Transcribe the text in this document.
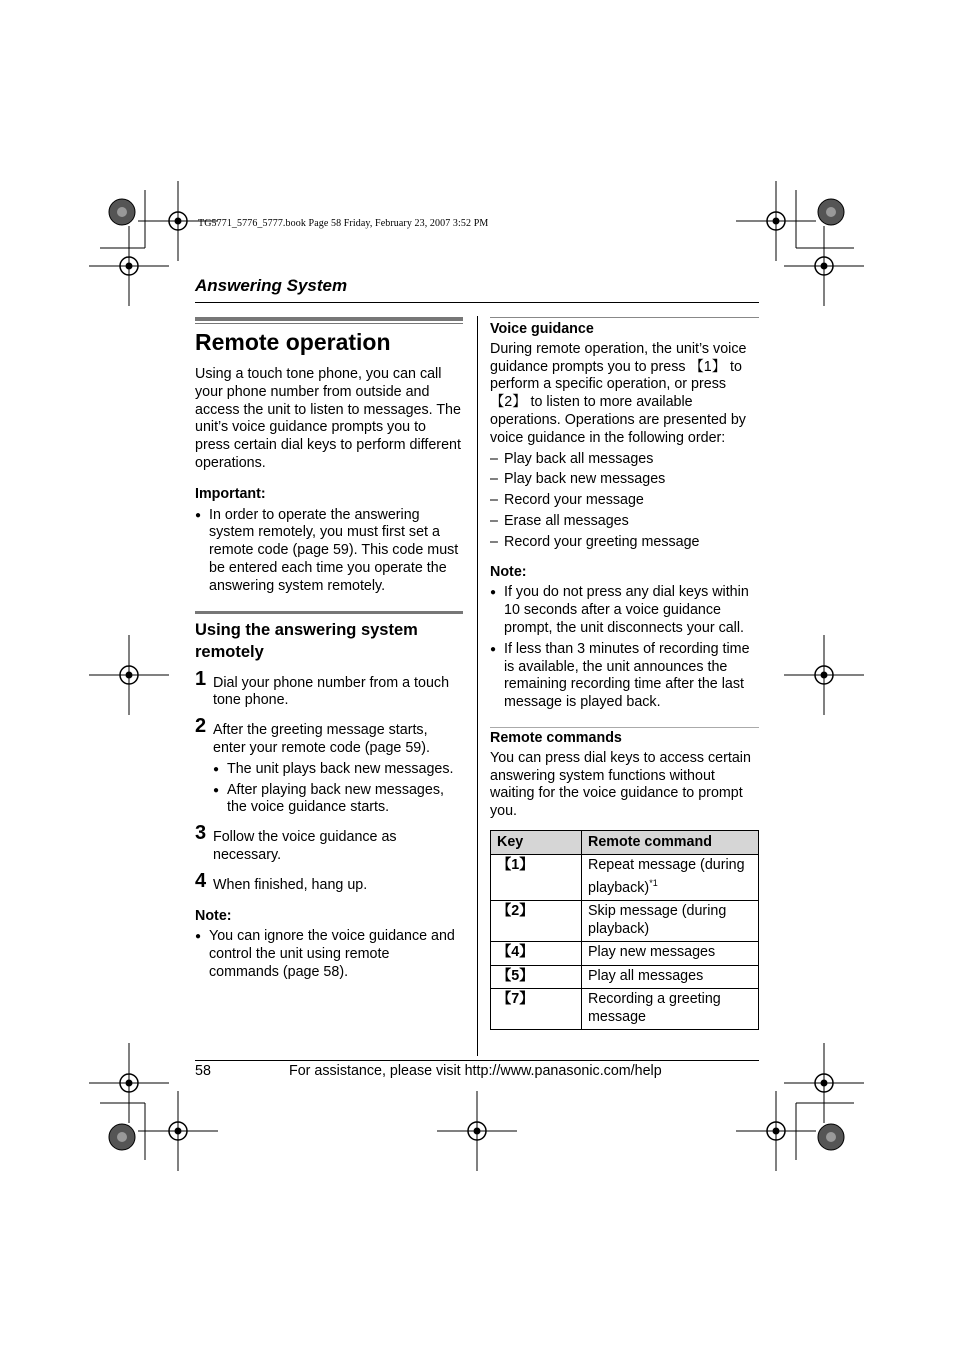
TG5771_5776_5777.book Page 58 Friday, February 23, 2007 3:52 PM
Answering System
Remote operation

Using a touch tone phone, you can call your phone number from outside and access the unit to listen to messages. The unit’s voice guidance prompts you to press certain dial keys to perform different operations.

Important:

● In order to operate the answering system remotely, you must first set a remote code (page 59). This code must be entered each time you operate the answering system remotely.

Using the answering system remotely
1 Dial your phone number from a touch tone phone.

2 After the greeting message starts, enter your remote code (page 59).

● The unit plays back new messages.

● After playing back new messages, the voice guidance starts.

3 Follow the voice guidance as necessary.

4 When finished, hang up.

Note:

● You can ignore the voice guidance and control the unit using remote commands (page 58).

Voice guidance

During remote operation, the unit’s voice guidance prompts you to press 【1】 to perform a specific operation, or press 【2】 to listen to more available operations. Operations are presented by voice guidance in the following order:

– Play back all messages

– Play back new messages

– Record your message

– Erase all messages

– Record your greeting message

Note:

● If you do not press any dial keys within 10 seconds after a voice guidance prompt, the unit disconnects your call.

● If less than 3 minutes of recording time is available, the unit announces the remaining recording time after the last message is played back.

Remote commands

You can press dial keys to access certain answering system functions without waiting for the voice guidance to prompt you.

Key	Remote command
【1】	Repeat message (during playback)$^{*1}$
【2】	Skip message (during playback)
【4】	Play new messages
【5】	Play all messages
【7】	Recording a greeting message
58	For assistance, please visit http://www.panasonic.com/help
